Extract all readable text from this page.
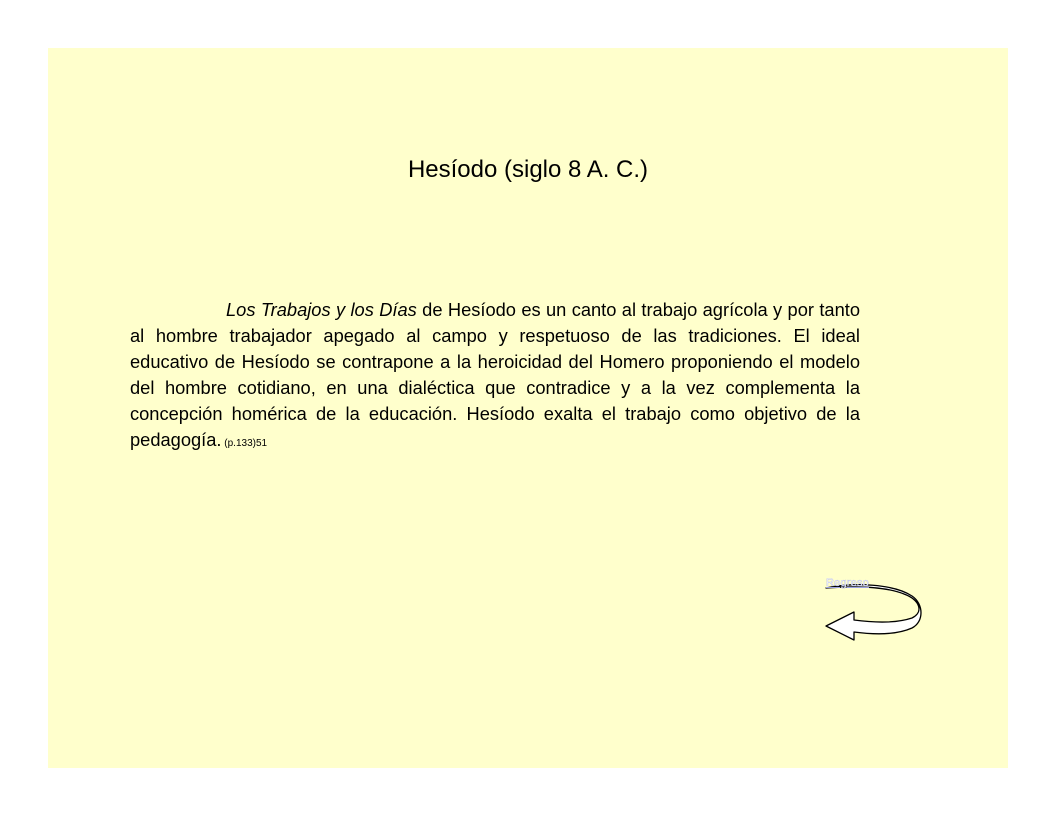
Hesíodo (siglo 8 A. C.)

Los Trabajos y los Días de Hesíodo es un canto al trabajo agrícola y por tanto al hombre trabajador apegado al campo y respetuoso de las tradiciones. El ideal educativo de Hesíodo se contrapone a la heroicidad del Homero proponiendo el modelo del hombre cotidiano, en una dialéctica que contradice y a la vez complementa la concepción homérica de la educación. Hesíodo exalta el trabajo como objetivo de la pedagogía. (p.133)51

Regreso
